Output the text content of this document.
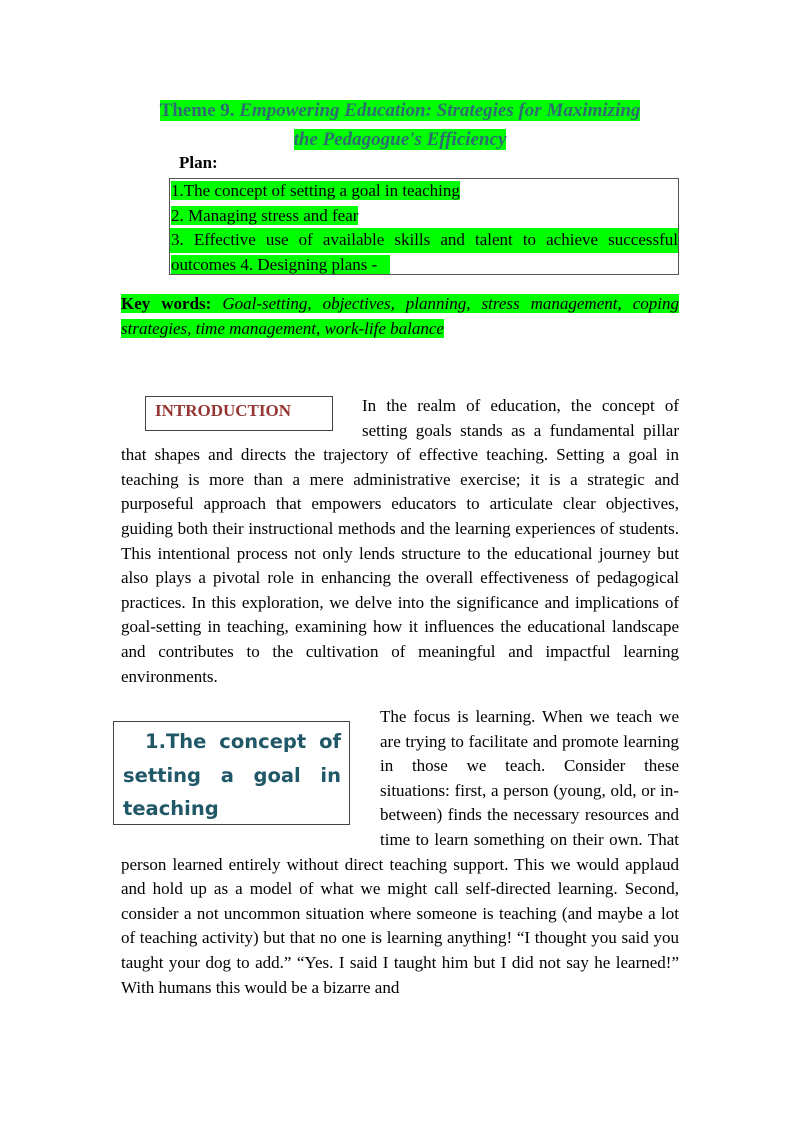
Theme 9. Empowering Education: Strategies for Maximizing
the Pedagogue's Efficiency
Plan:
1.The concept of setting a goal in teaching
2. Managing stress and fear
3. Effective use of available skills and talent to achieve successful
outcomes 4. Designing plans -
Key words: Goal-setting, objectives, planning, stress management, coping strategies, time management, work-life balance
INTRODUCTION	In the realm of education, the concept of setting goals stands as a fundamental pillar that shapes and directs the trajectory of effective teaching. Setting a goal in teaching is more than a mere administrative exercise; it is a strategic and purposeful approach that empowers educators to articulate clear objectives, guiding both their instructional methods and the learning experiences of students. This intentional process not only lends structure to the educational journey but also plays a pivotal role in enhancing the overall effectiveness of pedagogical practices. In this exploration, we delve into the significance and implications of goal-setting in teaching, examining how it influences the educational landscape and contributes to the cultivation of meaningful and impactful learning environments.
1.The concept of setting a goal in teaching
The focus is learning. When we teach we are trying to facilitate and promote learning in those we teach. Consider these situations: first, a person (young, old, or in-between) finds the necessary resources and time to learn something on their own. That person learned entirely without direct teaching support. This we would applaud and hold up as a model of what we might call self-directed learning. Second, consider a not uncommon situation where someone is teaching (and maybe a lot of teaching activity) but that no one is learning anything! “I thought you said you taught your dog to add.” “Yes. I said I taught him but I did not say he learned!” With humans this would be a bizarre and
